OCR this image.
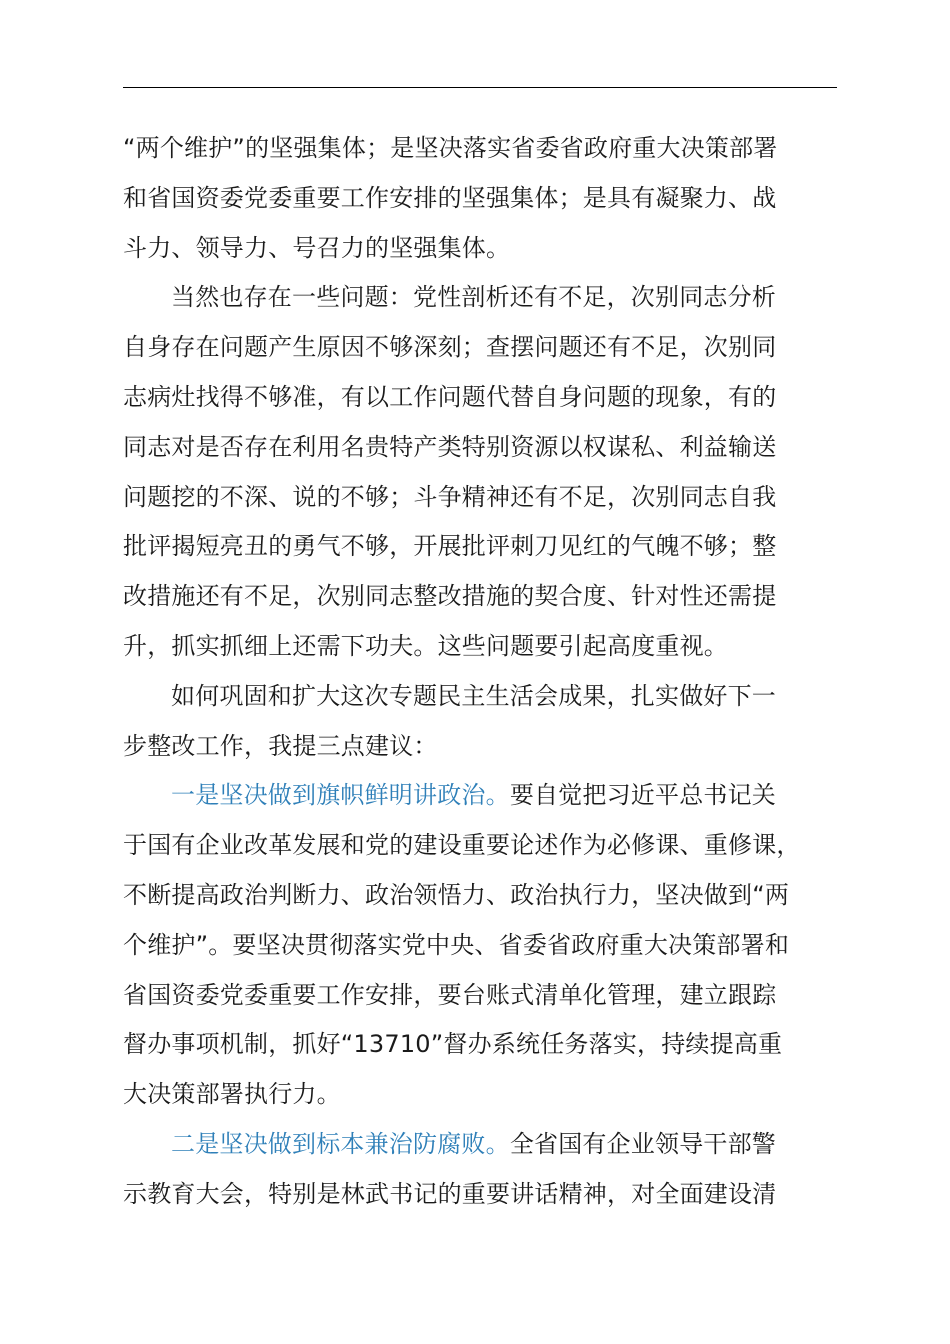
“两个维护”的坚强集体；是坚决落实省委省政府重大决策部署
和省国资委党委重要工作安排的坚强集体；是具有凝聚力、战
斗力、领导力、号召力的坚强集体。
当然也存在一些问题：党性剖析还有不足，次别同志分析
自身存在问题产生原因不够深刻；查摆问题还有不足，次别同
志病灶找得不够准，有以工作问题代替自身问题的现象，有的
同志对是否存在利用名贵特产类特别资源以权谋私、利益输送
问题挖的不深、说的不够；斗争精神还有不足，次别同志自我
批评揭短亮丑的勇气不够，开展批评刺刀见红的气魄不够；整
改措施还有不足，次别同志整改措施的契合度、针对性还需提
升，抓实抓细上还需下功夫。这些问题要引起高度重视。
如何巩固和扩大这次专题民主生活会成果，扎实做好下一
步整改工作，我提三点建议：
一是坚决做到旗帜鲜明讲政治。要自觉把习近平总书记关
于国有企业改革发展和党的建设重要论述作为必修课、重修课，
不断提高政治判断力、政治领悟力、政治执行力，坚决做到“两
个维护”。要坚决贯彻落实党中央、省委省政府重大决策部署和
省国资委党委重要工作安排，要台账式清单化管理，建立跟踪
督办事项机制，抓好“13710”督办系统任务落实，持续提高重
大决策部署执行力。
二是坚决做到标本兼治防腐败。全省国有企业领导干部警
示教育大会，特别是林武书记的重要讲话精神，对全面建设清
